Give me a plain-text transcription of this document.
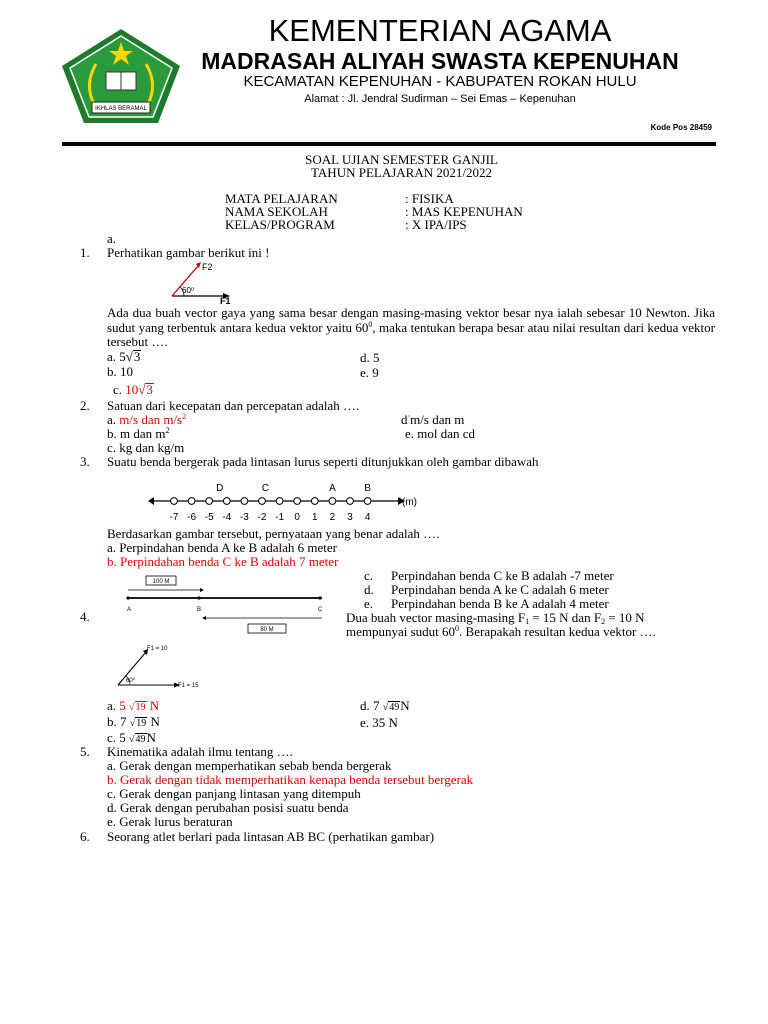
IKHLAS BERAMAL
KEMENTERIAN AGAMA
MADRASAH ALIYAH SWASTA KEPENUHAN
KECAMATAN KEPENUHAN - KABUPATEN ROKAN HULU
Alamat : Jl. Jendral Sudirman – Sei Emas – Kepenuhan
Kode Pos 28459
SOAL UJIAN SEMESTER GANJIL
TAHUN PELAJARAN 2021/2022
MATA PELAJARAN	: FISIKA
NAMA SEKOLAH	: MAS KEPENUHAN
KELAS/PROGRAM	: X IPA/IPS
a.
1. Perhatikan gambar berikut ini !
F2
F1
60⁰
Ada dua buah vector gaya yang sama besar dengan masing-masing vektor besar nya ialah sebesar 10 Newton. Jika sudut yang terbentuk antara kedua vektor yaitu $60^0$, maka tentukan berapa besar atau nilai resultan dari kedua vektor tersebut ….
a. 5√3
b. 10
c. 10√3
d. 5
e. 9
2. Satuan dari kecepatan dan percepatan adalah ….
a. m/s dan $m/s^2$
b. m dan $m^2$
c. kg dan kg/m
d·m/s dan m
e. mol dan cd
3. Suatu benda bergerak pada lintasan lurus seperti ditunjukkan oleh gambar dibawah
-7 -6 -5 -4 -3 -2 -1 0 1 2 3 4
D	C	A	B
(m)
Berdasarkan gambar tersebut, pernyataan yang benar adalah ….
a. Perpindahan benda A ke B adalah 6 meter
b. Perpindahan benda C ke B adalah 7 meter
100 M
A	B	C
80 M
c. Perpindahan benda C ke B adalah -7 meter
d. Perpindahan benda A ke C adalah 6 meter
e. Perpindahan benda B ke A adalah 4 meter
4.	Dua buah vector masing-masing $F_1 = 15$ N dan $F_2 = 10$ N
mempunyai sudut $60^0$. Berapakah resultan kedua vektor ….
F1 = 10
F1 = 15
60⁰
a. 5 √19 N
b. 7 √19 N
c. 5 √49N
d. 7 √49N
e. 35 N
5. Kinematika adalah ilmu tentang ….
a. Gerak dengan memperhatikan sebab benda bergerak
b. Gerak dengan tidak memperhatikan kenapa benda tersebut bergerak
c. Gerak dengan panjang lintasan yang ditempuh
d. Gerak dengan perubahan posisi suatu benda
e. Gerak lurus beraturan
6. Seorang atlet berlari pada lintasan AB BC (perhatikan gambar)
